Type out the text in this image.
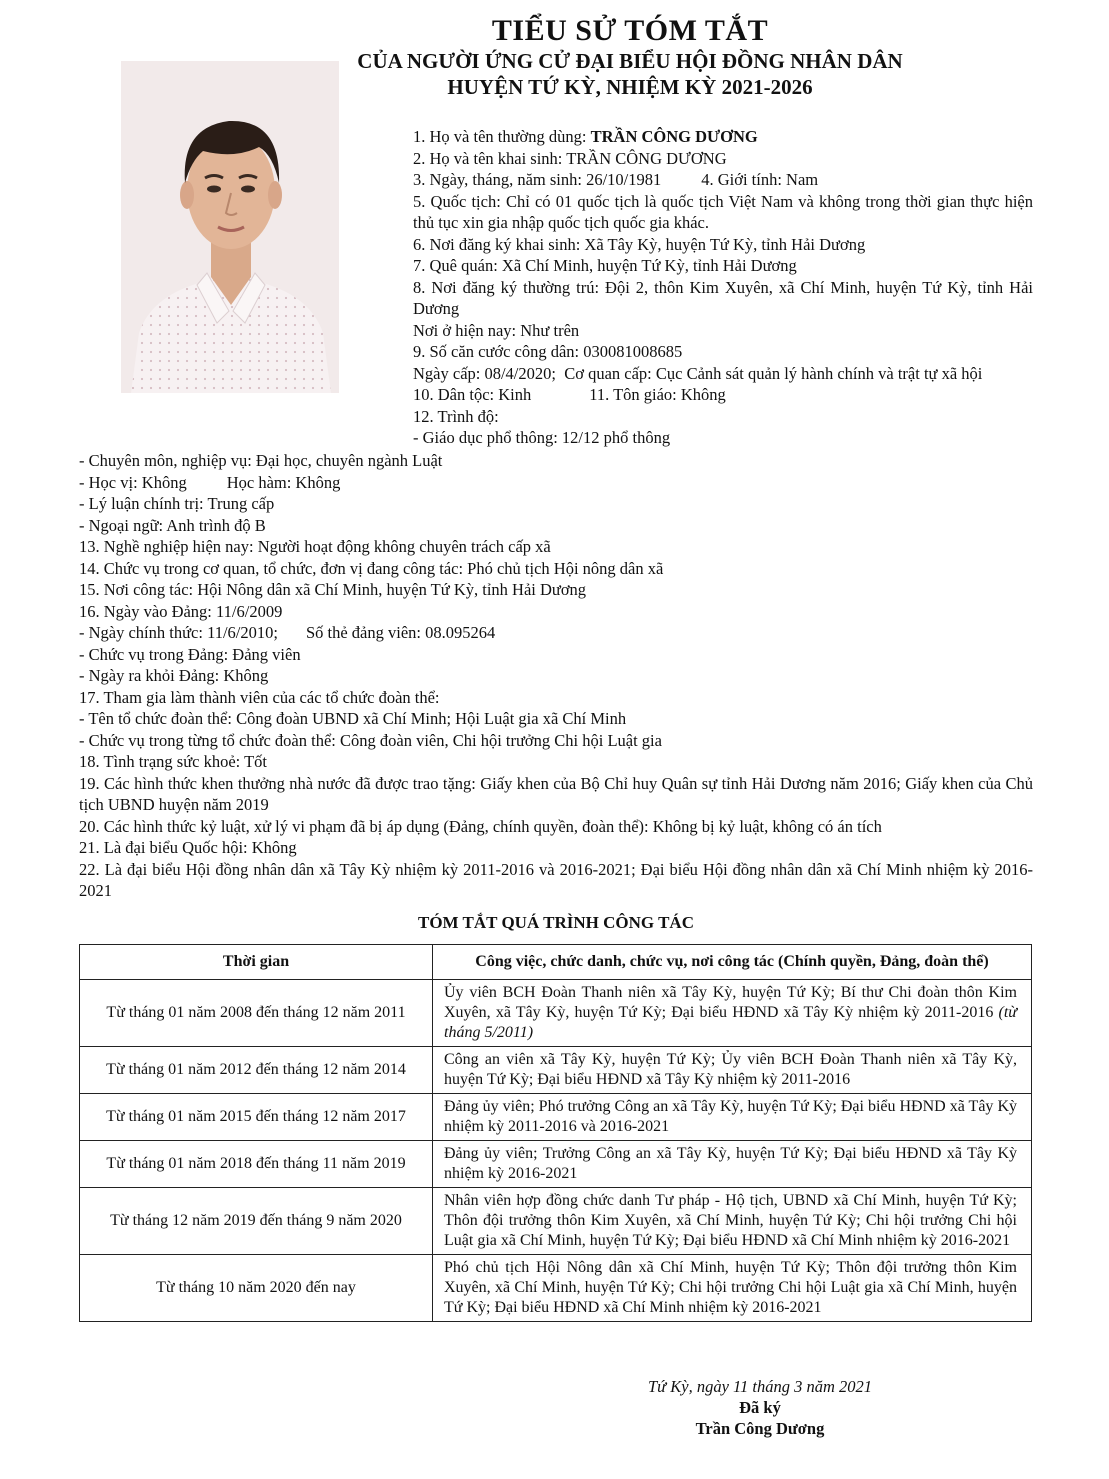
TIỂU SỬ TÓM TẮT
CỦA NGƯỜI ỨNG CỬ ĐẠI BIỂU HỘI ĐỒNG NHÂN DÂN
HUYỆN TỨ KỲ, NHIỆM KỲ 2021-2026
1. Họ và tên thường dùng: TRẦN CÔNG DƯƠNG
2. Họ và tên khai sinh: TRẦN CÔNG DƯƠNG
3. Ngày, tháng, năm sinh: 26/10/1981 4. Giới tính: Nam
5. Quốc tịch: Chỉ có 01 quốc tịch là quốc tịch Việt Nam và không trong thời gian thực hiện thủ tục xin gia nhập quốc tịch quốc gia khác.
6. Nơi đăng ký khai sinh: Xã Tây Kỳ, huyện Tứ Kỳ, tỉnh Hải Dương
7. Quê quán: Xã Chí Minh, huyện Tứ Kỳ, tỉnh Hải Dương
8. Nơi đăng ký thường trú: Đội 2, thôn Kim Xuyên, xã Chí Minh, huyện Tứ Kỳ, tỉnh Hải Dương
Nơi ở hiện nay: Như trên
9. Số căn cước công dân: 030081008685
Ngày cấp: 08/4/2020; Cơ quan cấp: Cục Cảnh sát quản lý hành chính và trật tự xã hội
10. Dân tộc: Kinh	11. Tôn giáo: Không
12. Trình độ:
- Giáo dục phổ thông: 12/12 phổ thông
- Chuyên môn, nghiệp vụ: Đại học, chuyên ngành Luật
- Học vị: Không Học hàm: Không
- Lý luận chính trị: Trung cấp
- Ngoại ngữ: Anh trình độ B
13. Nghề nghiệp hiện nay: Người hoạt động không chuyên trách cấp xã
14. Chức vụ trong cơ quan, tổ chức, đơn vị đang công tác: Phó chủ tịch Hội nông dân xã
15. Nơi công tác: Hội Nông dân xã Chí Minh, huyện Tứ Kỳ, tỉnh Hải Dương
16. Ngày vào Đảng: 11/6/2009
- Ngày chính thức: 11/6/2010; Số thẻ đảng viên: 08.095264
- Chức vụ trong Đảng: Đảng viên
- Ngày ra khỏi Đảng: Không
17. Tham gia làm thành viên của các tổ chức đoàn thể:
- Tên tổ chức đoàn thể: Công đoàn UBND xã Chí Minh; Hội Luật gia xã Chí Minh
- Chức vụ trong từng tổ chức đoàn thể: Công đoàn viên, Chi hội trưởng Chi hội Luật gia
18. Tình trạng sức khoẻ: Tốt
19. Các hình thức khen thưởng nhà nước đã được trao tặng: Giấy khen của Bộ Chỉ huy Quân sự tỉnh Hải Dương năm 2016; Giấy khen của Chủ tịch UBND huyện năm 2019
20. Các hình thức kỷ luật, xử lý vi phạm đã bị áp dụng (Đảng, chính quyền, đoàn thể): Không bị kỷ luật, không có án tích
21. Là đại biểu Quốc hội: Không
22. Là đại biểu Hội đồng nhân dân xã Tây Kỳ nhiệm kỳ 2011-2016 và 2016-2021; Đại biểu Hội đồng nhân dân xã Chí Minh nhiệm kỳ 2016-2021
TÓM TẮT QUÁ TRÌNH CÔNG TÁC
Thời gian	Công việc, chức danh, chức vụ, nơi công tác (Chính quyền, Đảng, đoàn thể)
Từ tháng 01 năm 2008 đến tháng 12 năm 2011	Ủy viên BCH Đoàn Thanh niên xã Tây Kỳ, huyện Tứ Kỳ; Bí thư Chi đoàn thôn Kim Xuyên, xã Tây Kỳ, huyện Tứ Kỳ; Đại biểu HĐND xã Tây Kỳ nhiệm kỳ 2011-2016 (từ tháng 5/2011)
Từ tháng 01 năm 2012 đến tháng 12 năm 2014	Công an viên xã Tây Kỳ, huyện Tứ Kỳ; Ủy viên BCH Đoàn Thanh niên xã Tây Kỳ, huyện Tứ Kỳ; Đại biểu HĐND xã Tây Kỳ nhiệm kỳ 2011-2016
Từ tháng 01 năm 2015 đến tháng 12 năm 2017	Đảng ủy viên; Phó trưởng Công an xã Tây Kỳ, huyện Tứ Kỳ; Đại biểu HĐND xã Tây Kỳ nhiệm kỳ 2011-2016 và 2016-2021
Từ tháng 01 năm 2018 đến tháng 11 năm 2019	Đảng ủy viên; Trưởng Công an xã Tây Kỳ, huyện Tứ Kỳ; Đại biểu HĐND xã Tây Kỳ nhiệm kỳ 2016-2021
Từ tháng 12 năm 2019 đến tháng 9 năm 2020	Nhân viên hợp đồng chức danh Tư pháp - Hộ tịch, UBND xã Chí Minh, huyện Tứ Kỳ; Thôn đội trưởng thôn Kim Xuyên, xã Chí Minh, huyện Tứ Kỳ; Chi hội trưởng Chi hội Luật gia xã Chí Minh, huyện Tứ Kỳ; Đại biểu HĐND xã Chí Minh nhiệm kỳ 2016-2021
Từ tháng 10 năm 2020 đến nay	Phó chủ tịch Hội Nông dân xã Chí Minh, huyện Tứ Kỳ; Thôn đội trưởng thôn Kim Xuyên, xã Chí Minh, huyện Tứ Kỳ; Chi hội trưởng Chi hội Luật gia xã Chí Minh, huyện Tứ Kỳ; Đại biểu HĐND xã Chí Minh nhiệm kỳ 2016-2021
Tứ Kỳ, ngày 11 tháng 3 năm 2021
Đã ký
Trần Công Dương
